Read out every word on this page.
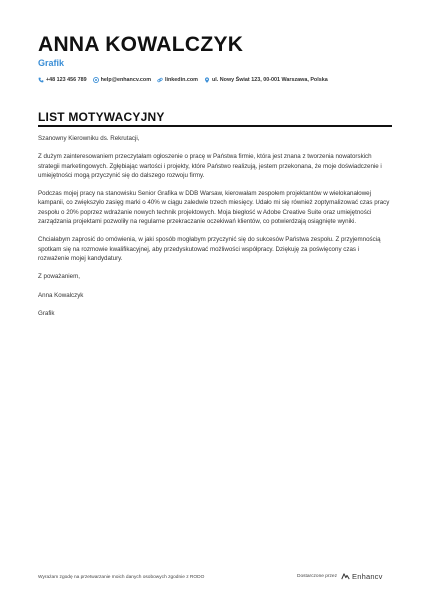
ANNA KOWALCZYK
Grafik
+48 123 456 789	help@enhancv.com	linkedin.com	ul. Nowy Świat 123, 00-001 Warszawa, Polska
LIST MOTYWACYJNY

Szanowny Kierowniku ds. Rekrutacji,

Z dużym zainteresowaniem przeczytałam ogłoszenie o pracę w Państwa firmie, która jest znana z tworzenia nowatorskich strategii marketingowych. Zgłębiając wartości i projekty, które Państwo realizują, jestem przekonana, że moje doświadczenie i umiejętności mogą przyczynić się do dalszego rozwoju firmy.

Podczas mojej pracy na stanowisku Senior Grafika w DDB Warsaw, kierowałam zespołem projektantów w wielokanałowej kampanii, co zwiększyło zasięg marki o 40% w ciągu zaledwie trzech miesięcy. Udało mi się również zoptymalizować czas pracy zespołu o 20% poprzez wdrażanie nowych technik projektowych. Moja biegłość w Adobe Creative Suite oraz umiejętności zarządzania projektami pozwoliły na regularne przekraczanie oczekiwań klientów, co potwierdzają osiągnięte wyniki.

Chciałabym zaprosić do omówienia, w jaki sposób mogłabym przyczynić się do sukcesów Państwa zespołu. Z przyjemnością spotkam się na rozmowie kwalifikacyjnej, aby przedyskutować możliwości współpracy. Dziękuję za poświęcony czas i rozważenie mojej kandydatury.

Z poważaniem,

Anna Kowalczyk

Grafik

Wyrażam zgodę na przetwarzanie moich danych osobowych zgodnie z RODO	Dostarczone przez Enhancv
